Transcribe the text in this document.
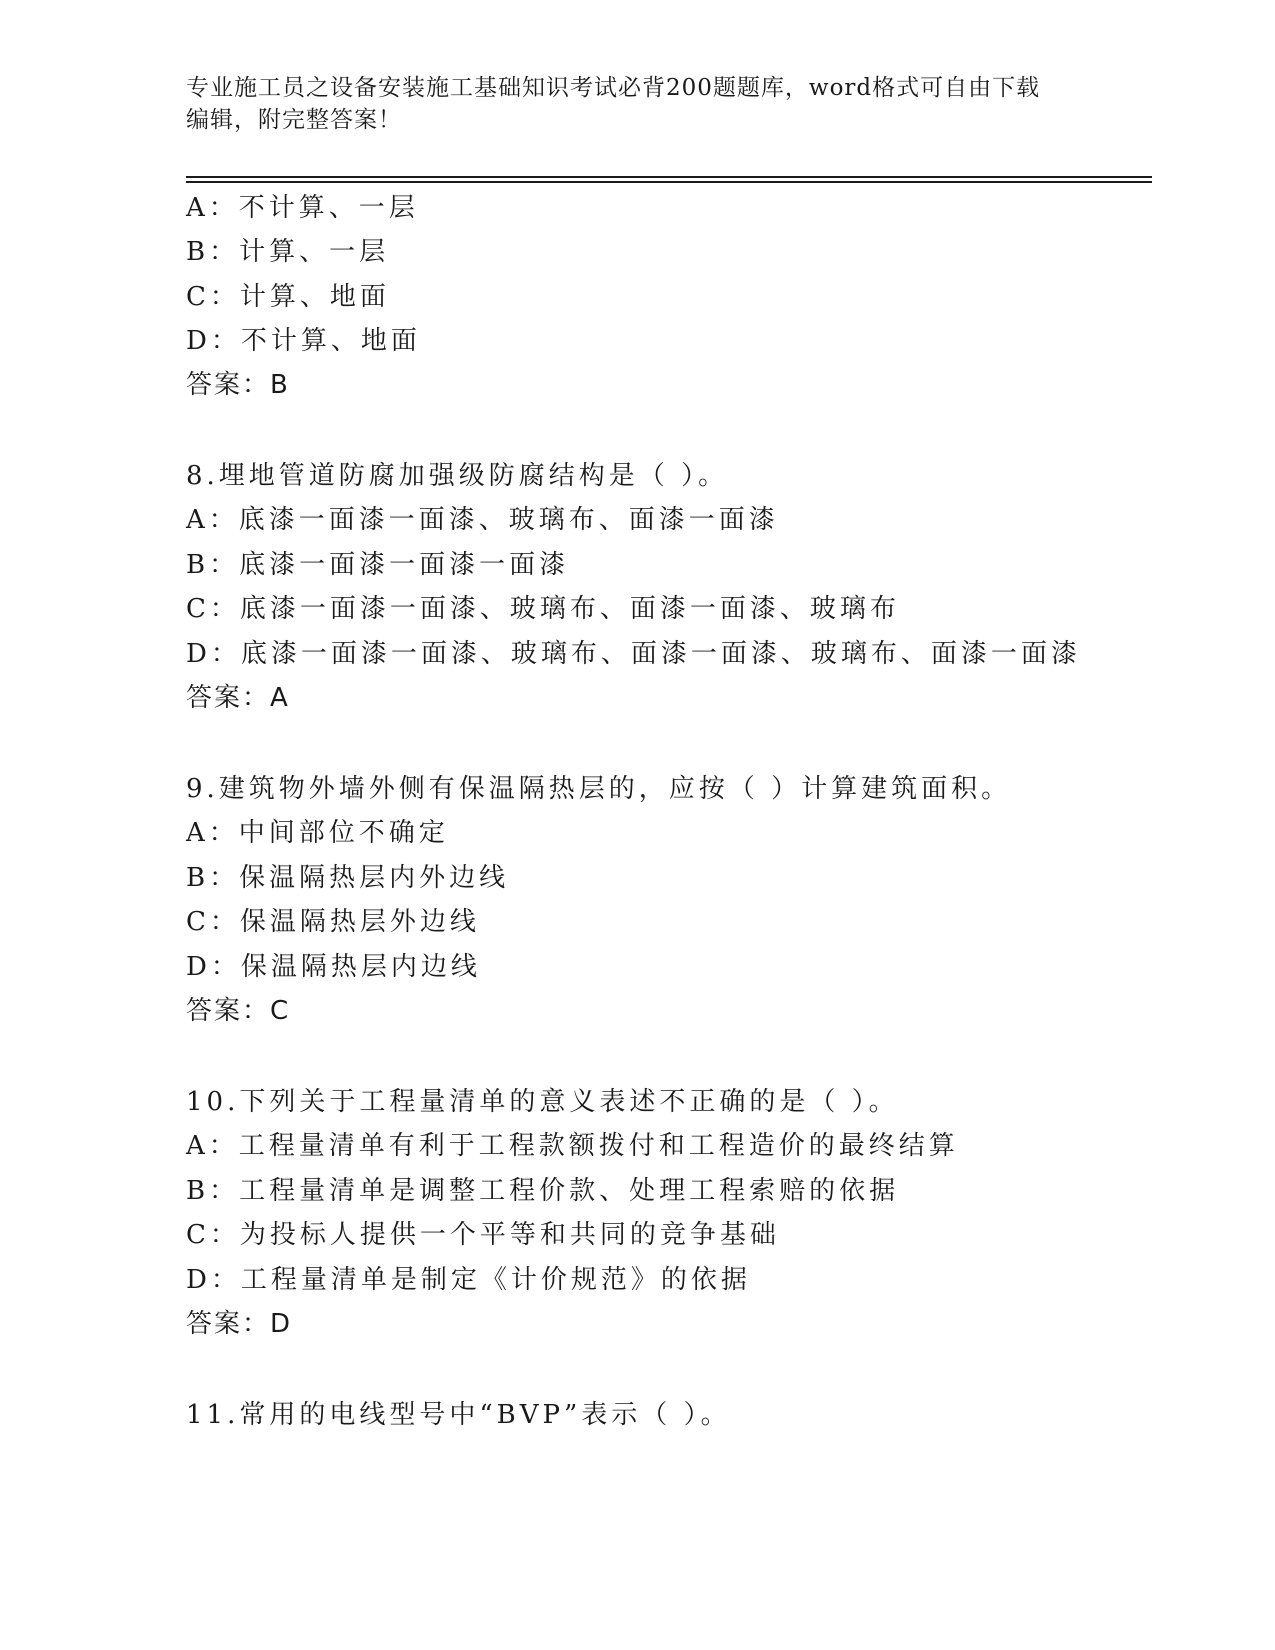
专业施工员之设备安装施工基础知识考试必背200题题库，word格式可自由下载
编辑，附完整答案！
A：不计算、一层
B：计算、一层
C：计算、地面
D：不计算、地面
答案：B
8.埋地管道防腐加强级防腐结构是（ ）。
A：底漆一面漆一面漆、玻璃布、面漆一面漆
B：底漆一面漆一面漆一面漆
C：底漆一面漆一面漆、玻璃布、面漆一面漆、玻璃布
D：底漆一面漆一面漆、玻璃布、面漆一面漆、玻璃布、面漆一面漆
答案：A
9.建筑物外墙外侧有保温隔热层的，应按（ ）计算建筑面积。
A：中间部位不确定
B：保温隔热层内外边线
C：保温隔热层外边线
D：保温隔热层内边线
答案：C
10.下列关于工程量清单的意义表述不正确的是（ ）。
A：工程量清单有利于工程款额拨付和工程造价的最终结算
B：工程量清单是调整工程价款、处理工程索赔的依据
C：为投标人提供一个平等和共同的竞争基础
D：工程量清单是制定《计价规范》的依据
答案：D
11.常用的电线型号中“BVP”表示（ ）。
